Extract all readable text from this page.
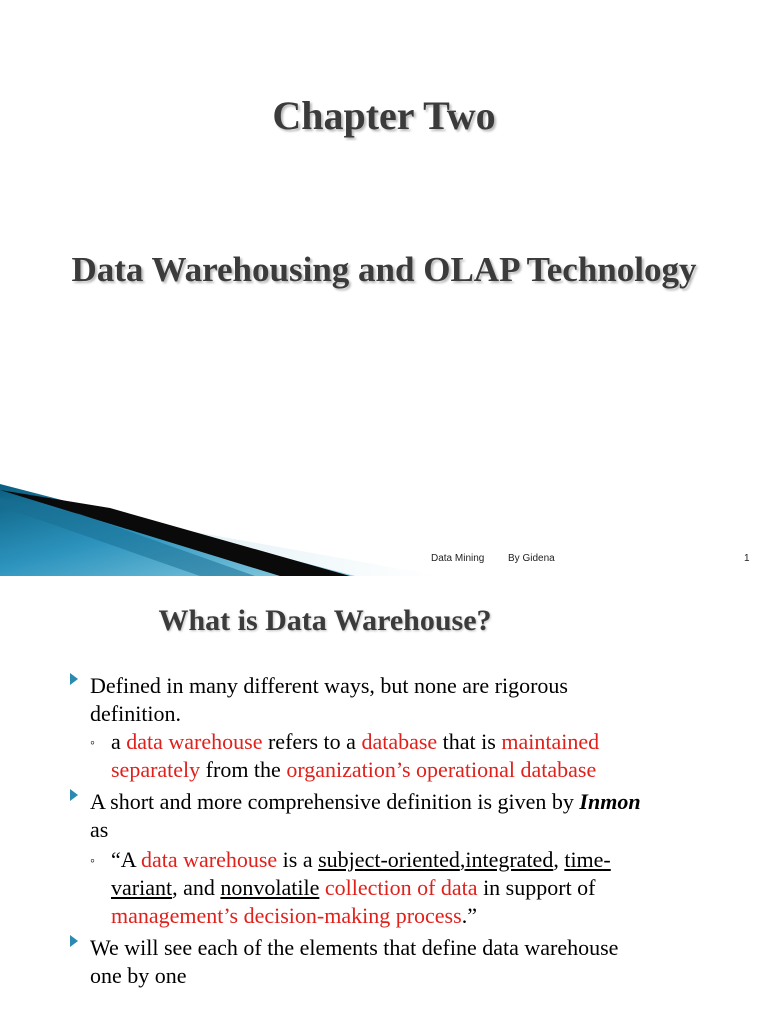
Chapter Two
Data Warehousing and OLAP Technology
Data Mining By Gidena	1
What is Data Warehouse?
Defined in many different ways, but none are rigorous
definition.
◦ a data warehouse refers to a database that is maintained
separately from the organization’s operational database
A short and more comprehensive definition is given by Inmon
as
◦ “A data warehouse is a subject-oriented,integrated, time-
variant, and nonvolatile collection of data in support of
management’s decision-making process.”
We will see each of the elements that define data warehouse
one by one
